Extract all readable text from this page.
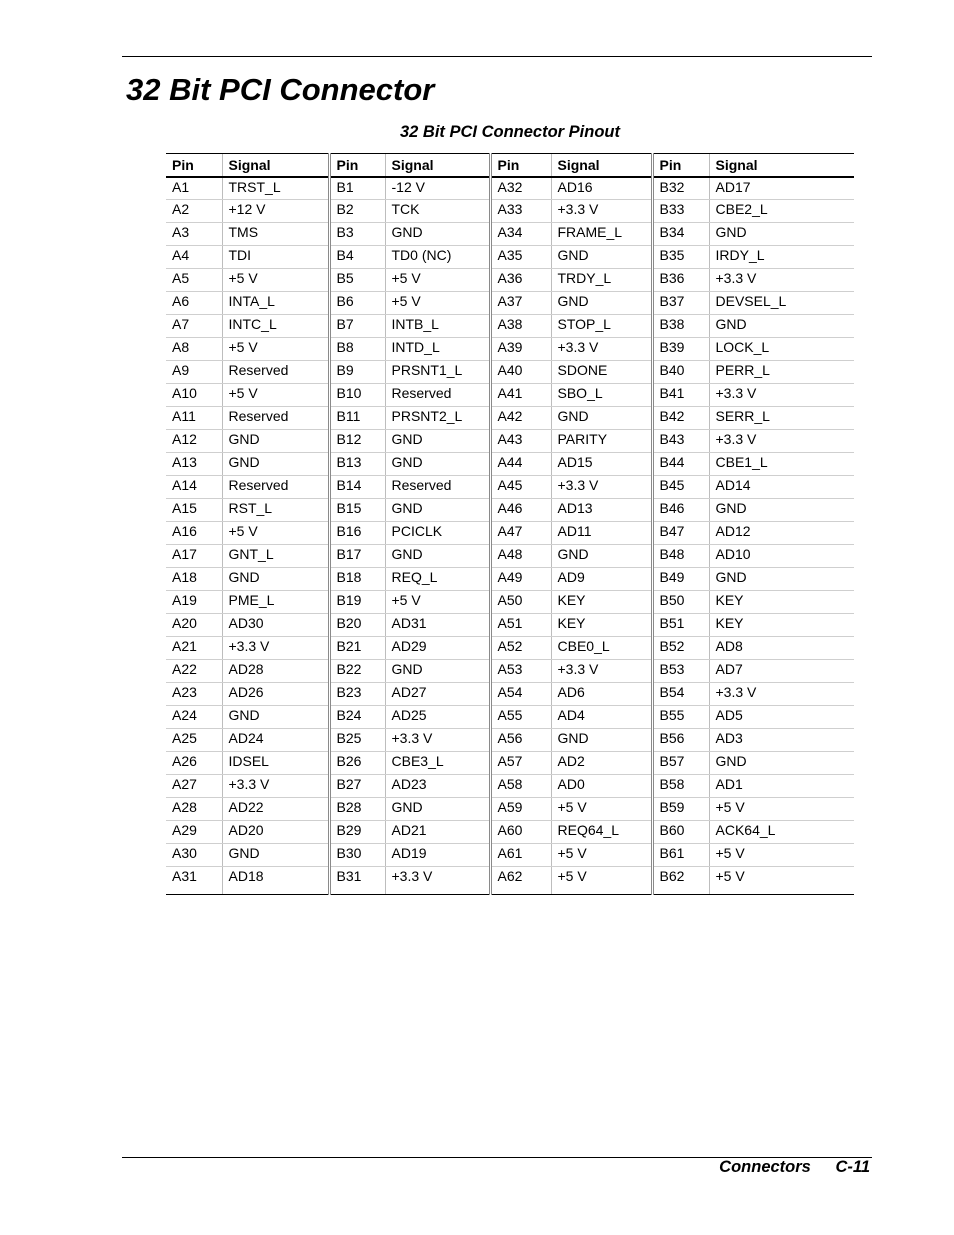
32 Bit PCI Connector
32 Bit PCI Connector Pinout
Pin	Signal	Pin	Signal	Pin	Signal	Pin	Signal
A1	TRST_L	B1	-12 V	A32	AD16	B32	AD17
A2	+12 V	B2	TCK	A33	+3.3 V	B33	CBE2_L
A3	TMS	B3	GND	A34	FRAME_L	B34	GND
A4	TDI	B4	TD0 (NC)	A35	GND	B35	IRDY_L
A5	+5 V	B5	+5 V	A36	TRDY_L	B36	+3.3 V
A6	INTA_L	B6	+5 V	A37	GND	B37	DEVSEL_L
A7	INTC_L	B7	INTB_L	A38	STOP_L	B38	GND
A8	+5 V	B8	INTD_L	A39	+3.3 V	B39	LOCK_L
A9	Reserved	B9	PRSNT1_L	A40	SDONE	B40	PERR_L
A10	+5 V	B10	Reserved	A41	SBO_L	B41	+3.3 V
A11	Reserved	B11	PRSNT2_L	A42	GND	B42	SERR_L
A12	GND	B12	GND	A43	PARITY	B43	+3.3 V
A13	GND	B13	GND	A44	AD15	B44	CBE1_L
A14	Reserved	B14	Reserved	A45	+3.3 V	B45	AD14
A15	RST_L	B15	GND	A46	AD13	B46	GND
A16	+5 V	B16	PCICLK	A47	AD11	B47	AD12
A17	GNT_L	B17	GND	A48	GND	B48	AD10
A18	GND	B18	REQ_L	A49	AD9	B49	GND
A19	PME_L	B19	+5 V	A50	KEY	B50	KEY
A20	AD30	B20	AD31	A51	KEY	B51	KEY
A21	+3.3 V	B21	AD29	A52	CBE0_L	B52	AD8
A22	AD28	B22	GND	A53	+3.3 V	B53	AD7
A23	AD26	B23	AD27	A54	AD6	B54	+3.3 V
A24	GND	B24	AD25	A55	AD4	B55	AD5
A25	AD24	B25	+3.3 V	A56	GND	B56	AD3
A26	IDSEL	B26	CBE3_L	A57	AD2	B57	GND
A27	+3.3 V	B27	AD23	A58	AD0	B58	AD1
A28	AD22	B28	GND	A59	+5 V	B59	+5 V
A29	AD20	B29	AD21	A60	REQ64_L	B60	ACK64_L
A30	GND	B30	AD19	A61	+5 V	B61	+5 V
A31	AD18	B31	+3.3 V	A62	+5 V	B62	+5 V
Connectors C-11
